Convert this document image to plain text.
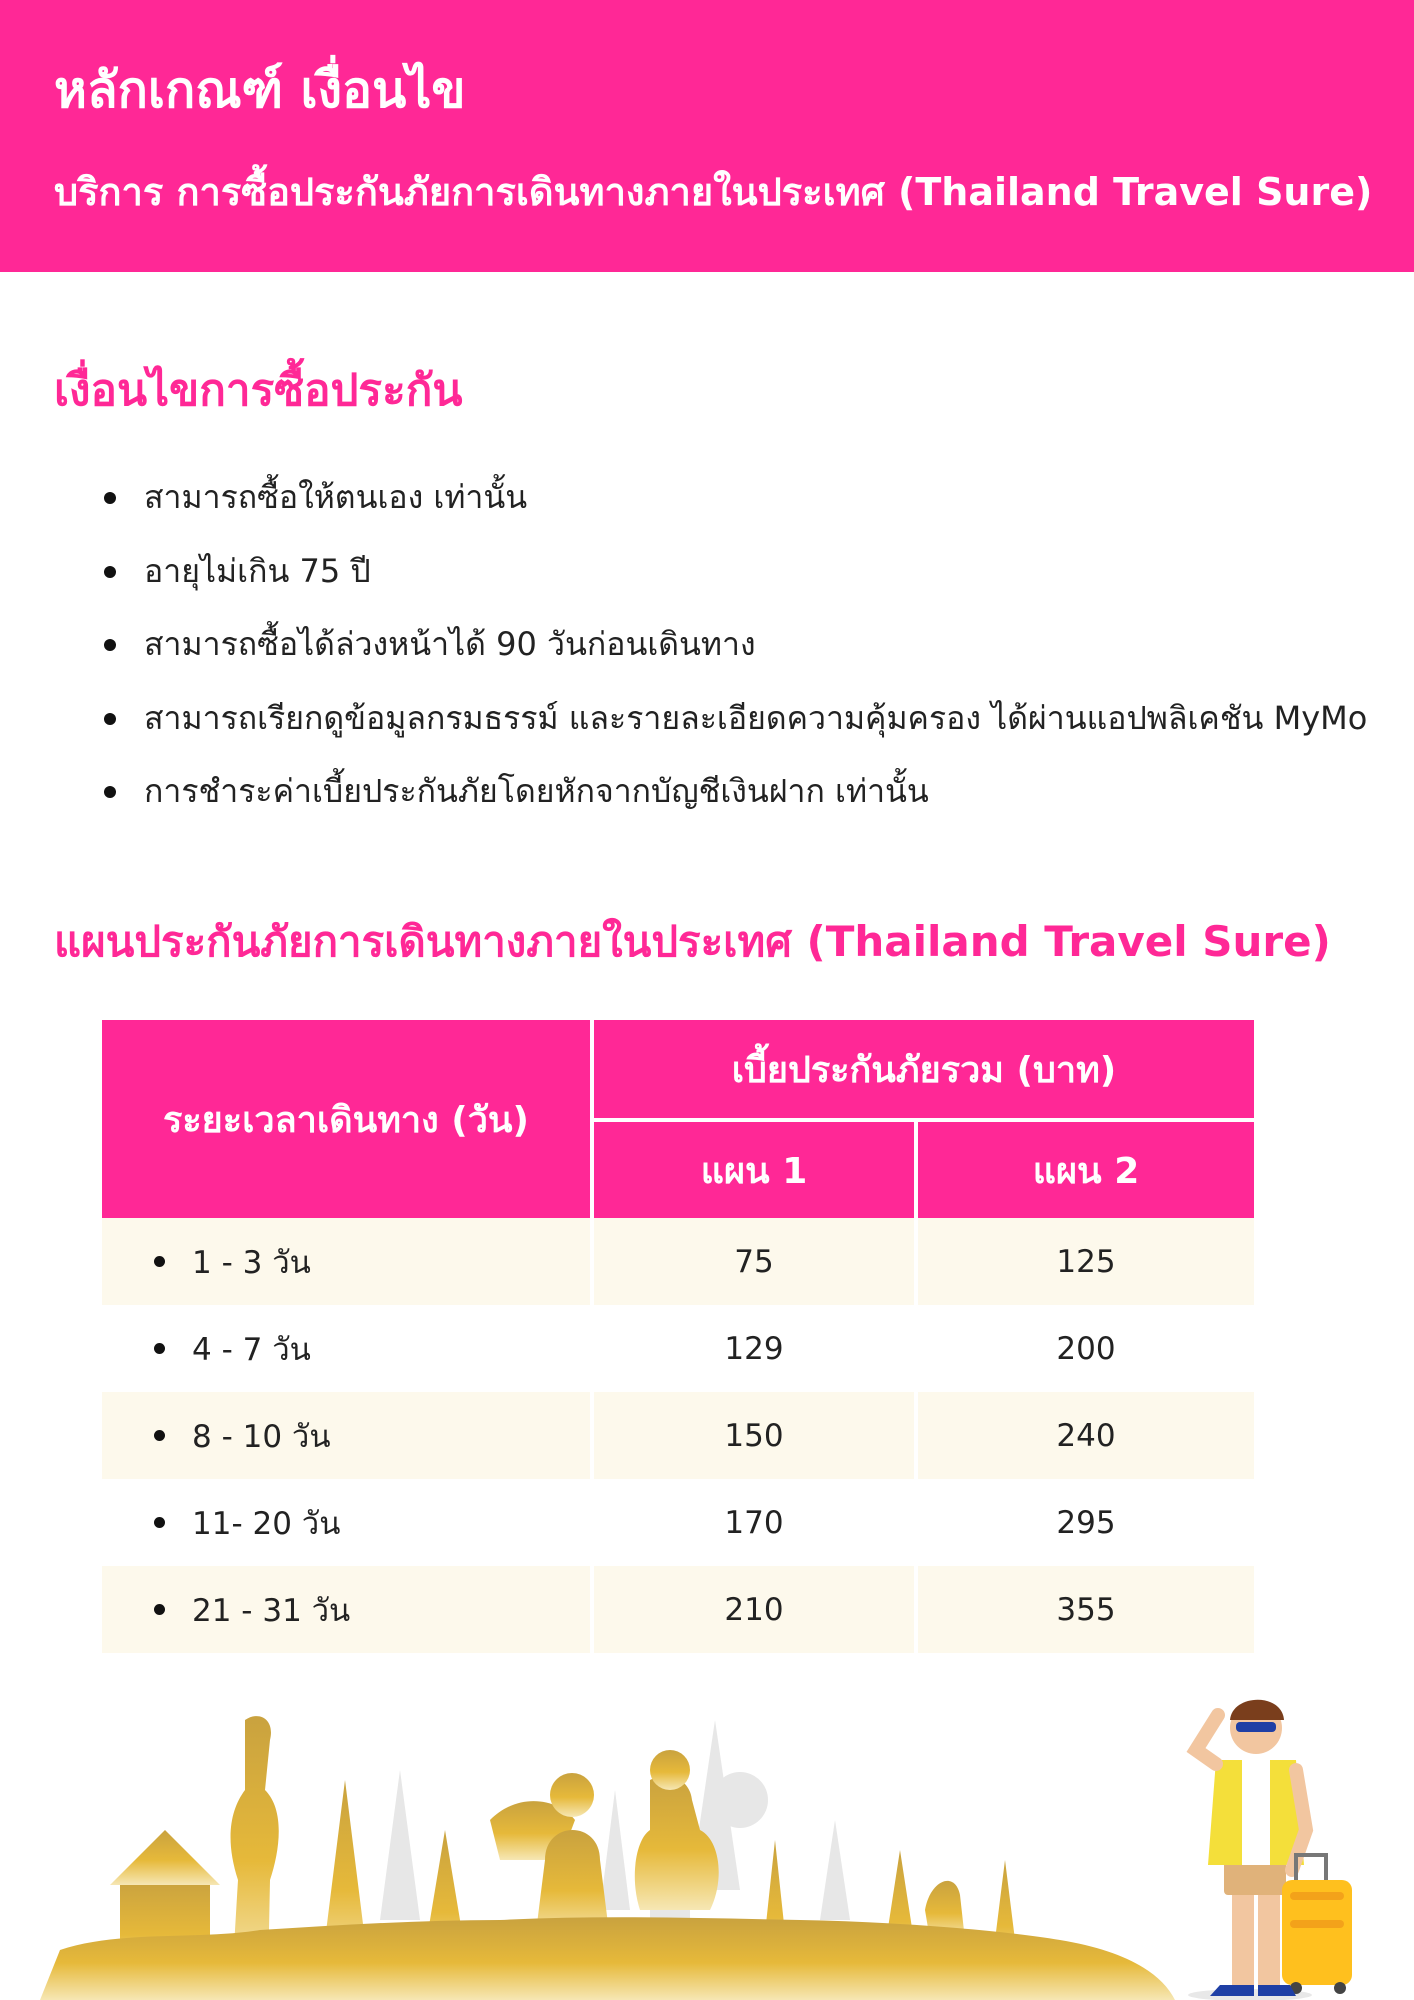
หลักเกณฑ์ เงื่อนไข
บริการ การซื้อประกันภัยการเดินทางภายในประเทศ (Thailand Travel Sure)
เงื่อนไขการซื้อประกัน
สามารถซื้อให้ตนเอง เท่านั้น
อายุไม่เกิน 75 ปี
สามารถซื้อได้ล่วงหน้าได้ 90 วันก่อนเดินทาง
สามารถเรียกดูข้อมูลกรมธรรม์ และรายละเอียดความคุ้มครอง ได้ผ่านแอปพลิเคชัน MyMo
การชำระค่าเบี้ยประกันภัยโดยหักจากบัญชีเงินฝาก เท่านั้น
แผนประกันภัยการเดินทางภายในประเทศ (Thailand Travel Sure)
ระยะเวลาเดินทาง (วัน)
เบี้ยประกันภัยรวม (บาท)
แผน 1	แผน 2
1 - 3 วัน	75	125
4 - 7 วัน	129	200
8 - 10 วัน	150	240
11- 20 วัน	170	295
21 - 31 วัน	210	355
